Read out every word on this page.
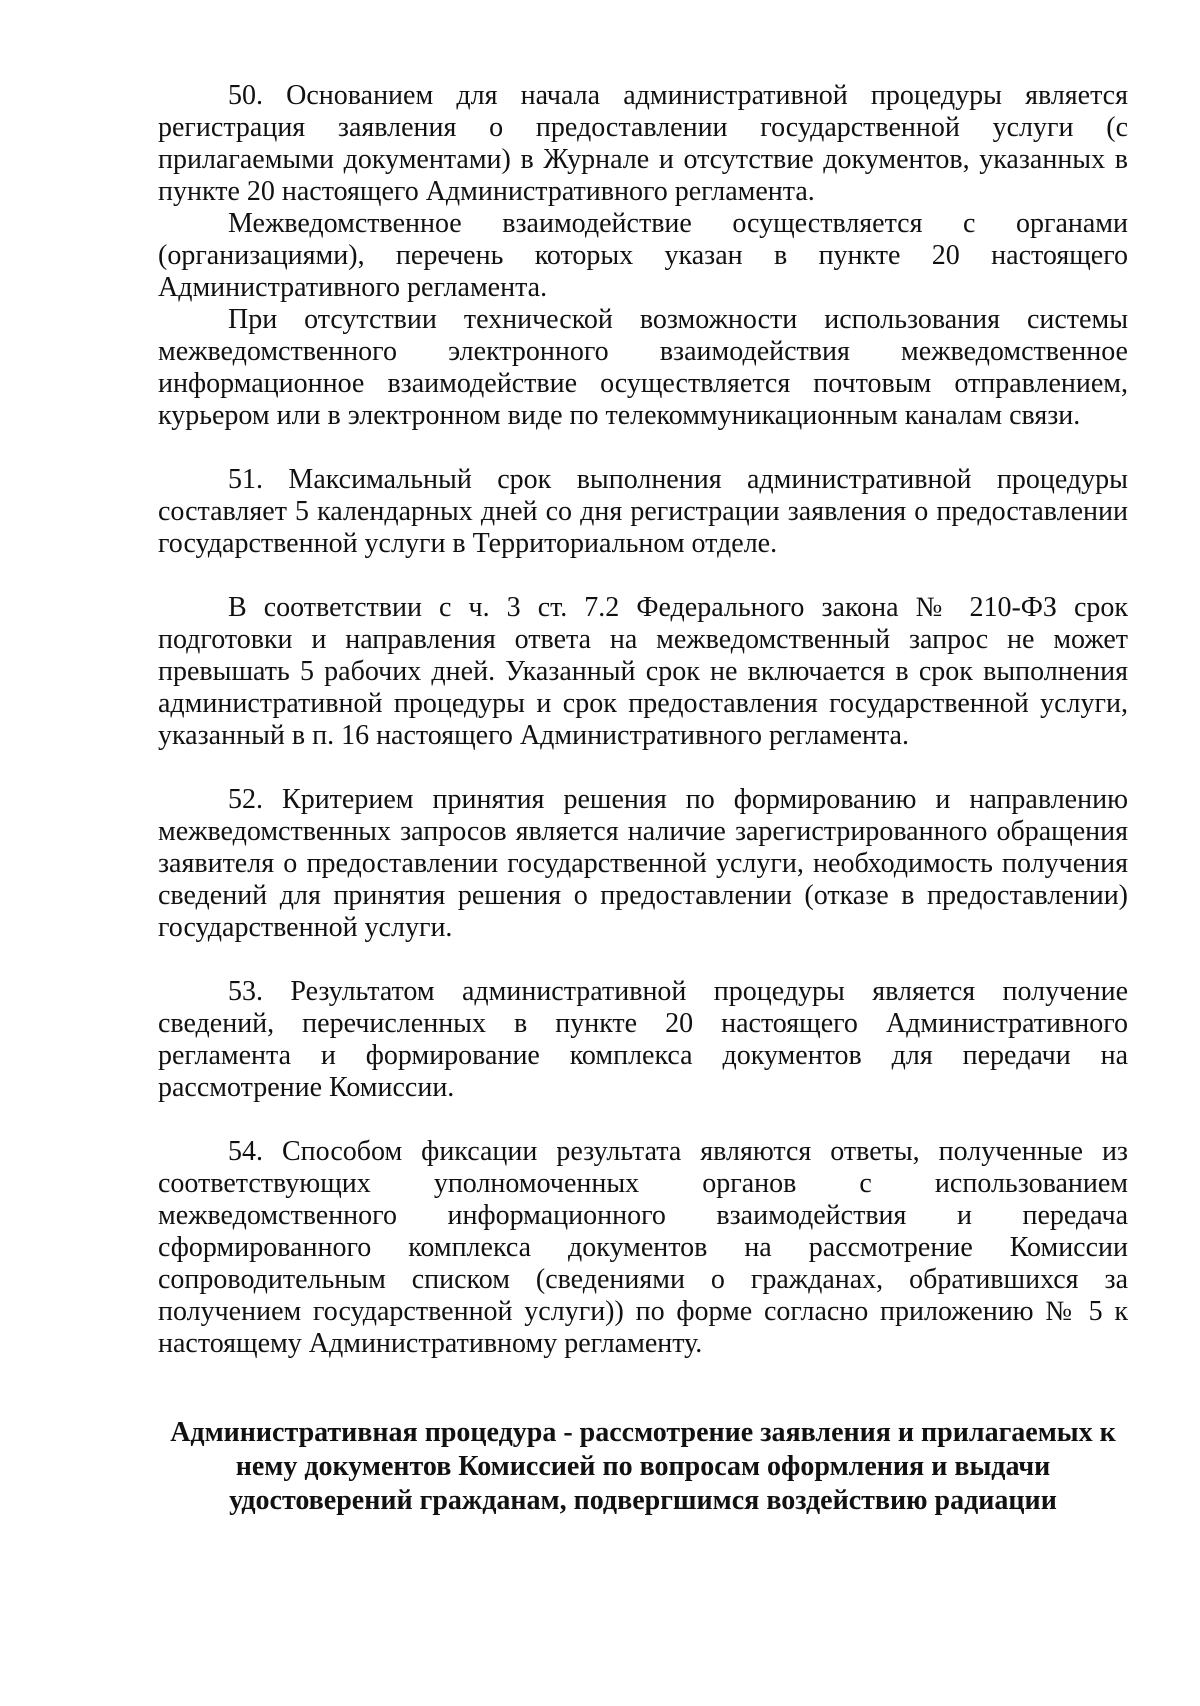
50. Основанием для начала административной процедуры является регистрация заявления о предоставлении государственной услуги (с прилагаемыми документами) в Журнале и отсутствие документов, указанных в пункте 20 настоящего Административного регламента.

Межведомственное взаимодействие осуществляется с органами (организациями), перечень которых указан в пункте 20 настоящего Административного регламента.

При отсутствии технической возможности использования системы межведомственного электронного взаимодействия межведомственное информационное взаимодействие осуществляется почтовым отправлением, курьером или в электронном виде по телекоммуникационным каналам связи.

51. Максимальный срок выполнения административной процедуры составляет 5 календарных дней со дня регистрации заявления о предоставлении государственной услуги в Территориальном отделе.

В соответствии с ч. 3 ст. 7.2 Федерального закона № 210-ФЗ срок подготовки и направления ответа на межведомственный запрос не может превышать 5 рабочих дней. Указанный срок не включается в срок выполнения административной процедуры и срок предоставления государственной услуги, указанный в п. 16 настоящего Административного регламента.

52. Критерием принятия решения по формированию и направлению межведомственных запросов является наличие зарегистрированного обращения заявителя о предоставлении государственной услуги, необходимость получения сведений для принятия решения о предоставлении (отказе в предоставлении) государственной услуги.

53. Результатом административной процедуры является получение сведений, перечисленных в пункте 20 настоящего Административного регламента и формирование комплекса документов для передачи на рассмотрение Комиссии.

54. Способом фиксации результата являются ответы, полученные из соответствующих уполномоченных органов с использованием межведомственного информационного взаимодействия и передача сформированного комплекса документов на рассмотрение Комиссии сопроводительным списком (сведениями о гражданах, обратившихся за получением государственной услуги)) по форме согласно приложению № 5 к настоящему Административному регламенту.

Административная процедура - рассмотрение заявления и прилагаемых к
нему документов Комиссией по вопросам оформления и выдачи
удостоверений гражданам, подвергшимся воздействию радиации
